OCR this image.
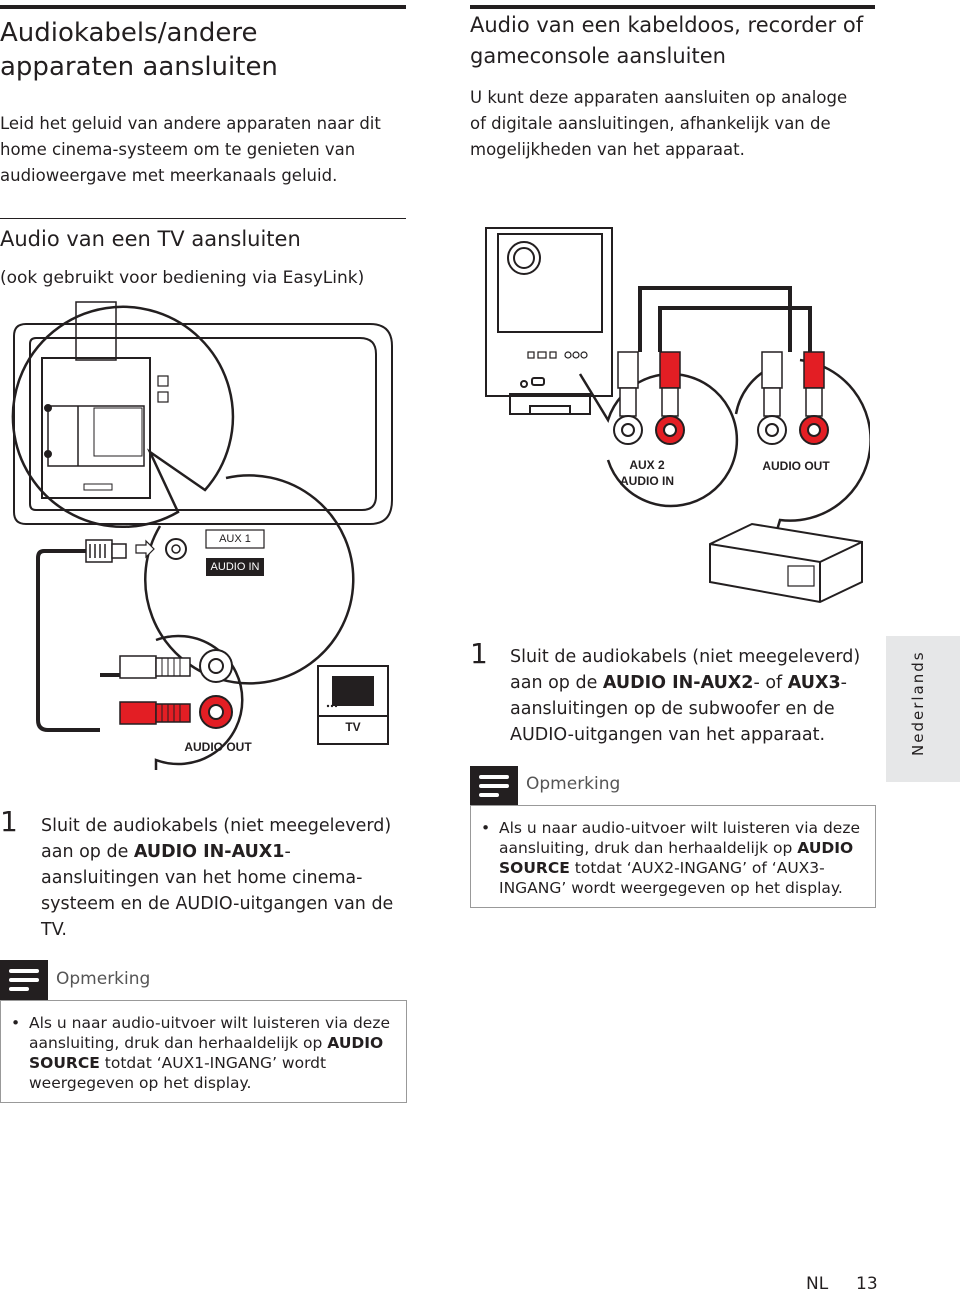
Audiokabels/andere
apparaten aansluiten
Leid het geluid van andere apparaten naar dit
home cinema-systeem om te genieten van
audioweergave met meerkanaals geluid.
Audio van een kabeldoos, recorder of
gameconsole aansluiten
U kunt deze apparaten aansluiten op analoge
of digitale aansluitingen, afhankelijk van de
mogelijkheden van het apparaat.
Audio van een TV aansluiten
(ook gebruikt voor bediening via EasyLink)
AUX 1
AUDIO IN
AUDIO OUT
TV
AUX 2
AUDIO IN
AUDIO OUT
1 Sluit de audiokabels (niet meegeleverd)
aan op de AUDIO IN-AUX2- of AUX3-
aansluitingen op de subwoofer en de
AUDIO-uitgangen van het apparaat.	Nederlands
Opmerking
• Als u naar audio-uitvoer wilt luisteren via deze
aansluiting, druk dan herhaaldelijk op AUDIO
SOURCE totdat ‘AUX2-INGANG’ of ‘AUX3-
INGANG’ wordt weergegeven op het display.
1 Sluit de audiokabels (niet meegeleverd)
aan op de AUDIO IN-AUX1-
aansluitingen van het home cinema-
systeem en de AUDIO-uitgangen van de
TV.
Opmerking
• Als u naar audio-uitvoer wilt luisteren via deze
aansluiting, druk dan herhaaldelijk op AUDIO
SOURCE totdat ‘AUX1-INGANG’ wordt
weergegeven op het display.
NL 13
